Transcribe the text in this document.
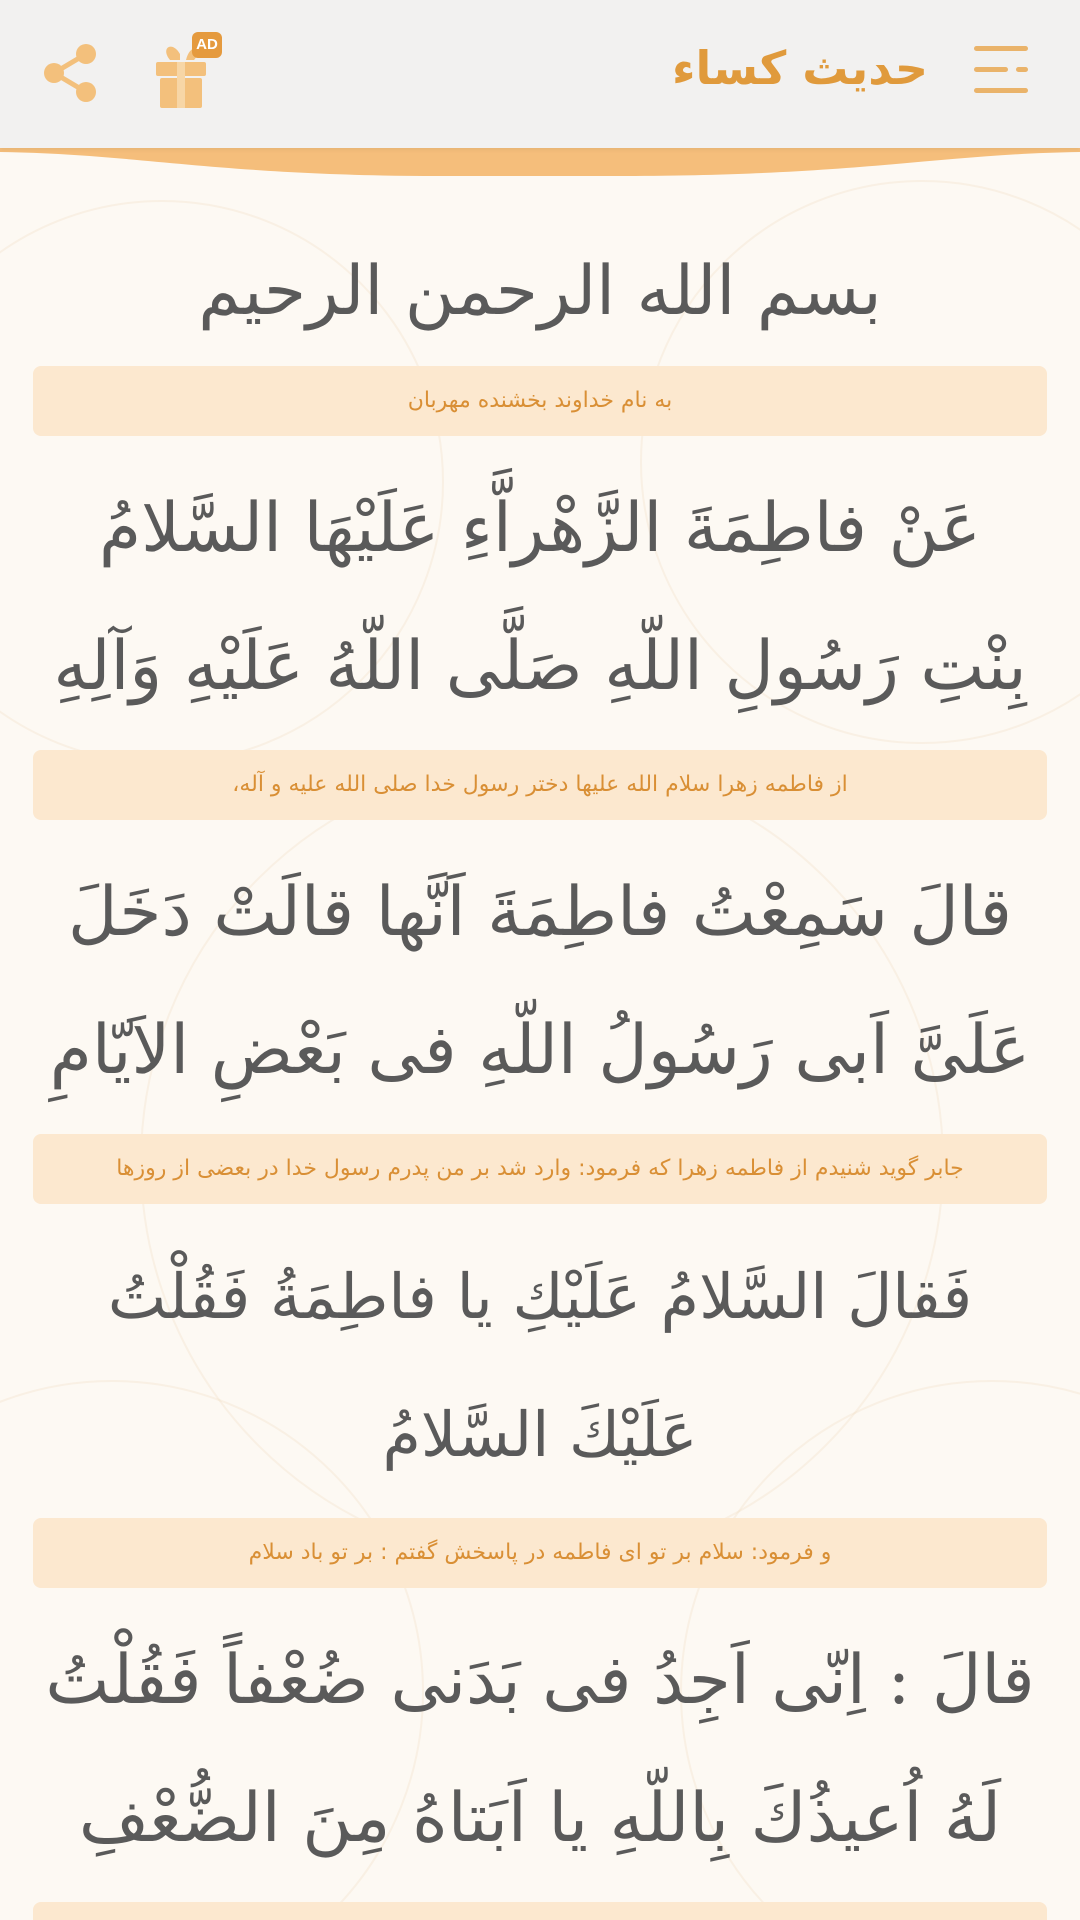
حدیث کساء
AD

بسم الله الرحمن الرحیم

به نام خداوند بخشنده مهربان

عَنْ فاطِمَةَ الزَّهْراَّءِ عَلَیْهَا السَّلامُ بِنْتِ رَسُولِ اللّهِ صَلَّی اللّهُ عَلَیْهِ وَآلِهِ

از فاطمه زهرا سلام الله علیها دختر رسول خدا صلی الله علیه و آله،

قالَ سَمِعْتُ فاطِمَةَ اَنَّها قالَتْ دَخَلَ عَلَیَّ اَبی رَسُولُ اللّهِ فی بَعْضِ الاَیّامِ

جابر گوید شنیدم از فاطمه زهرا که فرمود: وارد شد بر من پدرم رسول خدا در بعضی از روزها

فَقالَ السَّلامُ عَلَیْكِ یا فاطِمَةُ فَقُلْتُ عَلَیْكَ السَّلامُ

و فرمود: سلام بر تو ای فاطمه در پاسخش گفتم : بر تو باد سلام

قالَ : اِنّی اَجِدُ فی بَدَنی ضُعْفاً فَقُلْتُ لَهُ اُعیذُكَ بِاللّهِ یا اَبَتاهُ مِنَ الضُّعْفِ
